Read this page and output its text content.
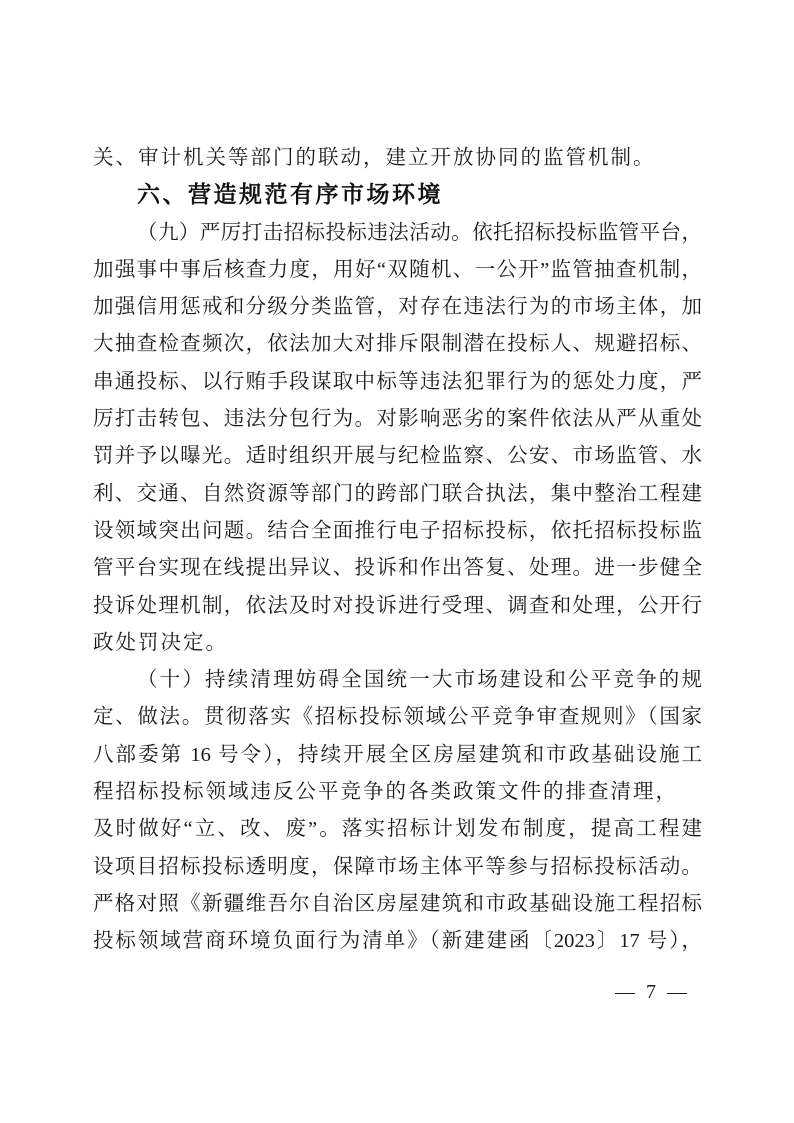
关、审计机关等部门的联动，建立开放协同的监管机制。
六、营造规范有序市场环境
（九）严厉打击招标投标违法活动。依托招标投标监管平台，
加强事中事后核查力度，用好“双随机、一公开”监管抽查机制，
加强信用惩戒和分级分类监管，对存在违法行为的市场主体，加
大抽查检查频次，依法加大对排斥限制潜在投标人、规避招标、
串通投标、以行贿手段谋取中标等违法犯罪行为的惩处力度，严
厉打击转包、违法分包行为。对影响恶劣的案件依法从严从重处
罚并予以曝光。适时组织开展与纪检监察、公安、市场监管、水
利、交通、自然资源等部门的跨部门联合执法，集中整治工程建
设领域突出问题。结合全面推行电子招标投标，依托招标投标监
管平台实现在线提出异议、投诉和作出答复、处理。进一步健全
投诉处理机制，依法及时对投诉进行受理、调查和处理，公开行
政处罚决定。
（十）持续清理妨碍全国统一大市场建设和公平竞争的规
定、做法。贯彻落实《招标投标领域公平竞争审查规则》（国家
八部委第 16 号令），持续开展全区房屋建筑和市政基础设施工
程招标投标领域违反公平竞争的各类政策文件的排查清理，
及时做好“立、改、废”。落实招标计划发布制度，提高工程建
设项目招标投标透明度，保障市场主体平等参与招标投标活动。
严格对照《新疆维吾尔自治区房屋建筑和市政基础设施工程招标
投标领域营商环境负面行为清单》（新建建函〔2023〕17 号），
— 7 —
